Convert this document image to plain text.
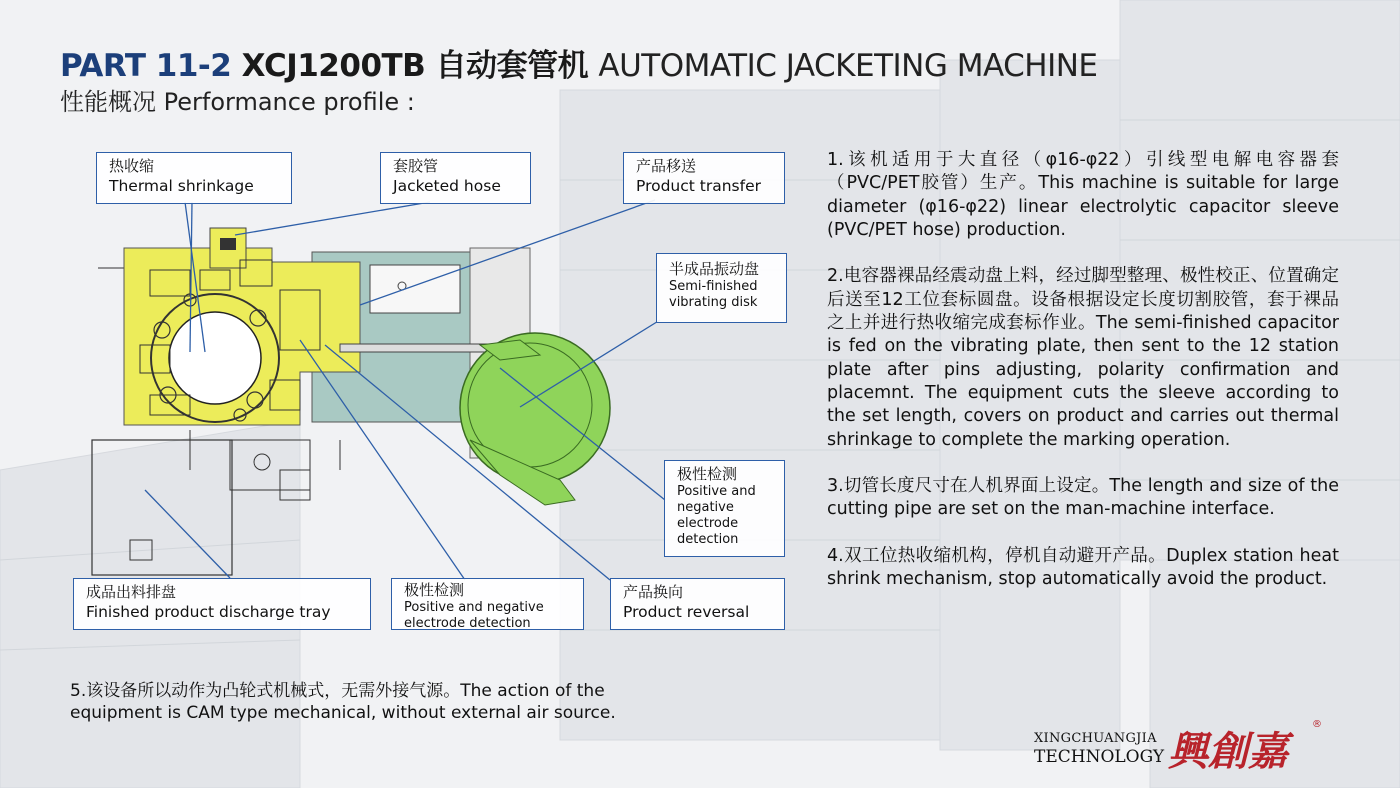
PART 11-2 XCJ1200TB 自动套管机 AUTOMATIC JACKETING MACHINE
性能概况 Performance profile :
热收缩
Thermal shrinkage
套胶管
Jacketed hose
产品移送
Product transfer
半成品振动盘
Semi-finished
vibrating disk
极性检测
Positive and
negative
electrode
detection
成品出料排盘
Finished product discharge tray
极性检测
Positive and negative
electrode detection
产品换向
Product reversal

1.该机适用于大直径（φ16-φ22）引线型电解电容器套（PVC/PET胶管）生产。This machine is suitable for large diameter (φ16-φ22) linear electrolytic capacitor sleeve (PVC/PET hose) production.

2.电容器裸品经震动盘上料，经过脚型整理、极性校正、位置确定后送至12工位套标圆盘。设备根据设定长度切割胶管，套于裸品之上并进行热收缩完成套标作业。The semi-finished capacitor is fed on the vibrating plate, then sent to the 12 station plate after pins adjusting, polarity confirmation and placemnt. The equipment cuts the sleeve according to the set length, covers on product and carries out thermal shrinkage to complete the marking operation.

3.切管长度尺寸在人机界面上设定。The length and size of the cutting pipe are set on the man-machine interface.

4.双工位热收缩机构，停机自动避开产品。Duplex station heat shrink mechanism, stop automatically avoid the product.

5.该设备所以动作为凸轮式机械式，无需外接气源。The action of the equipment is CAM type mechanical, without external air source.
XINGCHUANGJIA
TECHNOLOGY 興創嘉
®
